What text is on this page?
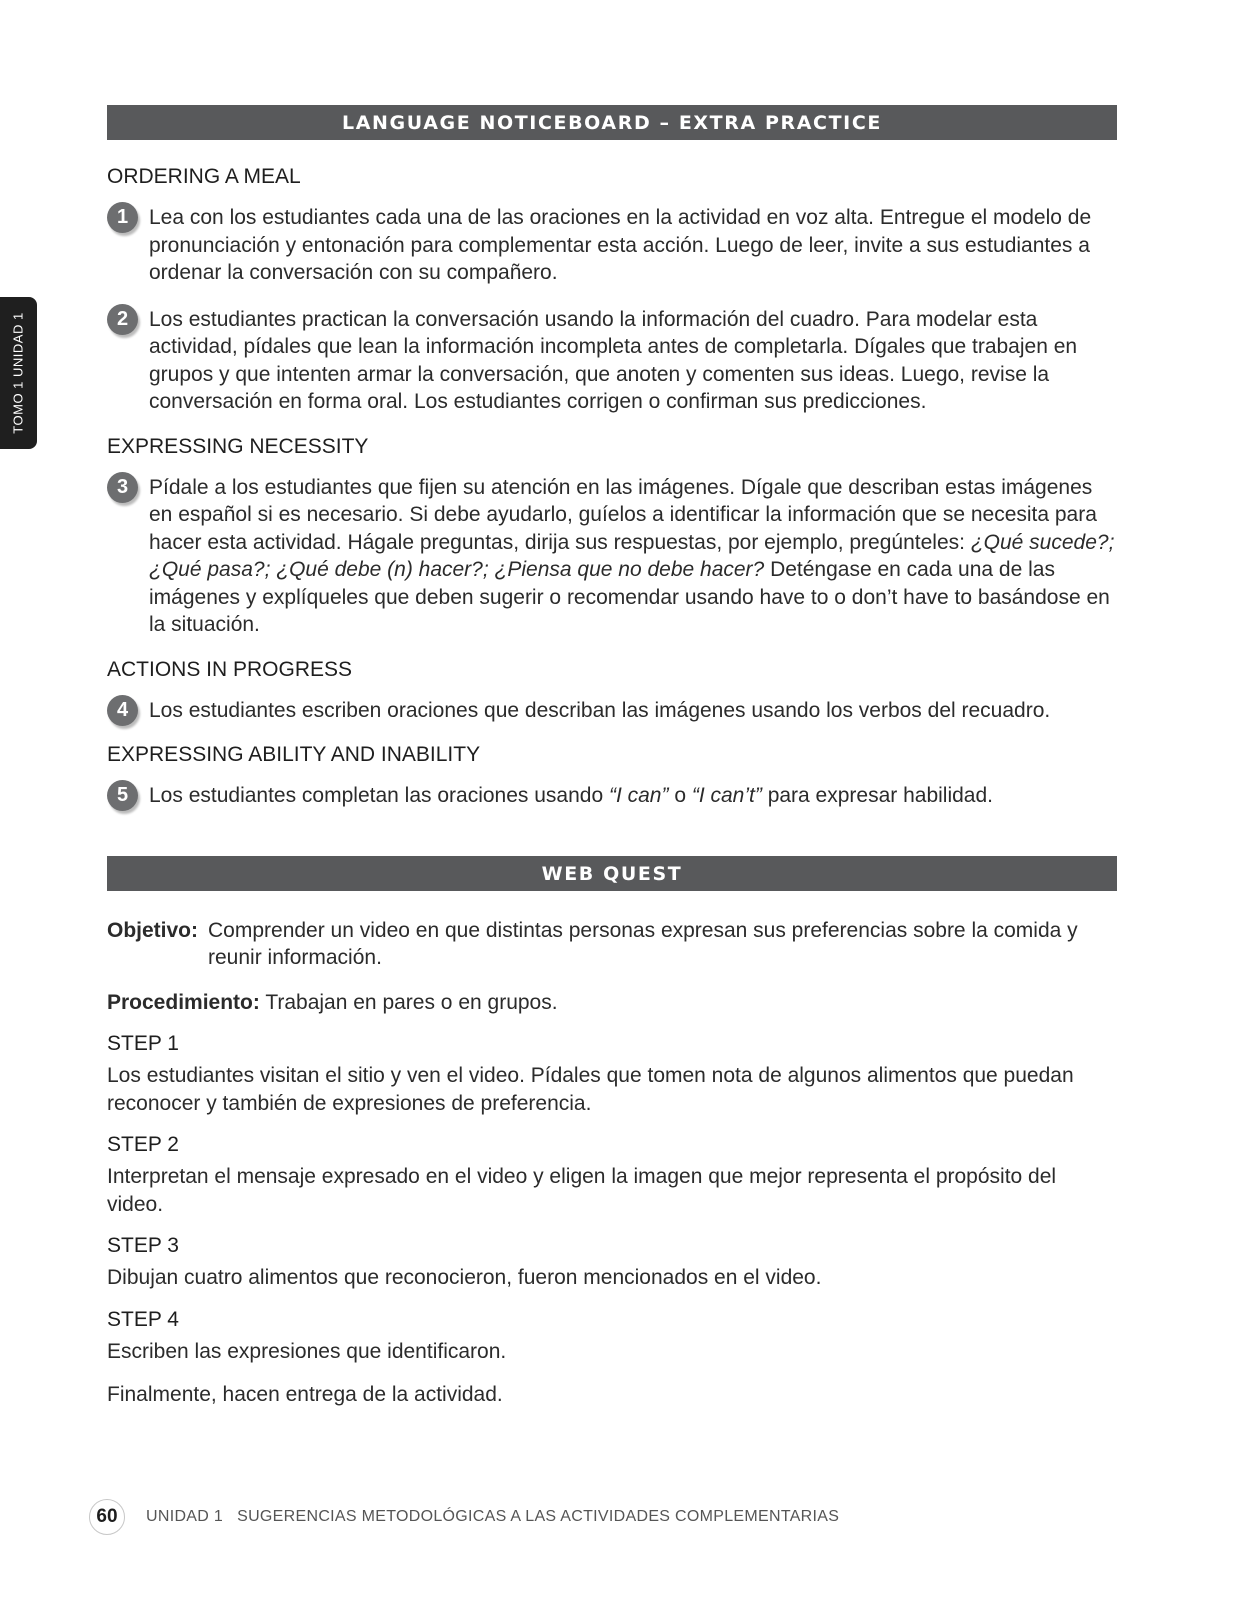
TOMO 1 UNIDAD 1
LANGUAGE NOTICEBOARD – EXTRA PRACTICE
ORDERING A MEAL
1 Lea con los estudiantes cada una de las oraciones en la actividad en voz alta. Entregue el modelo de pronunciación y entonación para complementar esta acción. Luego de leer, invite a sus estudiantes a ordenar la conversación con su compañero.

2 Los estudiantes practican la conversación usando la información del cuadro. Para modelar esta actividad, pídales que lean la información incompleta antes de completarla. Dígales que trabajen en grupos y que intenten armar la conversación, que anoten y comenten sus ideas. Luego, revise la conversación en forma oral. Los estudiantes corrigen o confirman sus predicciones.

EXPRESSING NECESSITY
3 Pídale a los estudiantes que fijen su atención en las imágenes. Dígale que describan estas imágenes en español si es necesario. Si debe ayudarlo, guíelos a identificar la información que se necesita para hacer esta actividad. Hágale preguntas, dirija sus respuestas, por ejemplo, pregúnteles: ¿Qué sucede?; ¿Qué pasa?; ¿Qué debe (n) hacer?; ¿Piensa que no debe hacer? Deténgase en cada una de las imágenes y explíqueles que deben sugerir o recomendar usando have to o don’t have to basándose en la situación.

ACTIONS IN PROGRESS
4 Los estudiantes escriben oraciones que describan las imágenes usando los verbos del recuadro.

EXPRESSING ABILITY AND INABILITY
5 Los estudiantes completan las oraciones usando “I can” o “I can’t” para expresar habilidad.

WEB QUEST

Objetivo: Comprender un video en que distintas personas expresan sus preferencias sobre la comida y reunir información.

Procedimiento: Trabajan en pares o en grupos.

STEP 1

Los estudiantes visitan el sitio y ven el video. Pídales que tomen nota de algunos alimentos que puedan reconocer y también de expresiones de preferencia.

STEP 2

Interpretan el mensaje expresado en el video y eligen la imagen que mejor representa el propósito del video.

STEP 3

Dibujan cuatro alimentos que reconocieron, fueron mencionados en el video.

STEP 4

Escriben las expresiones que identificaron.

Finalmente, hacen entrega de la actividad.

60	UNIDAD 1 SUGERENCIAS METODOLÓGICAS A LAS ACTIVIDADES COMPLEMENTARIAS
